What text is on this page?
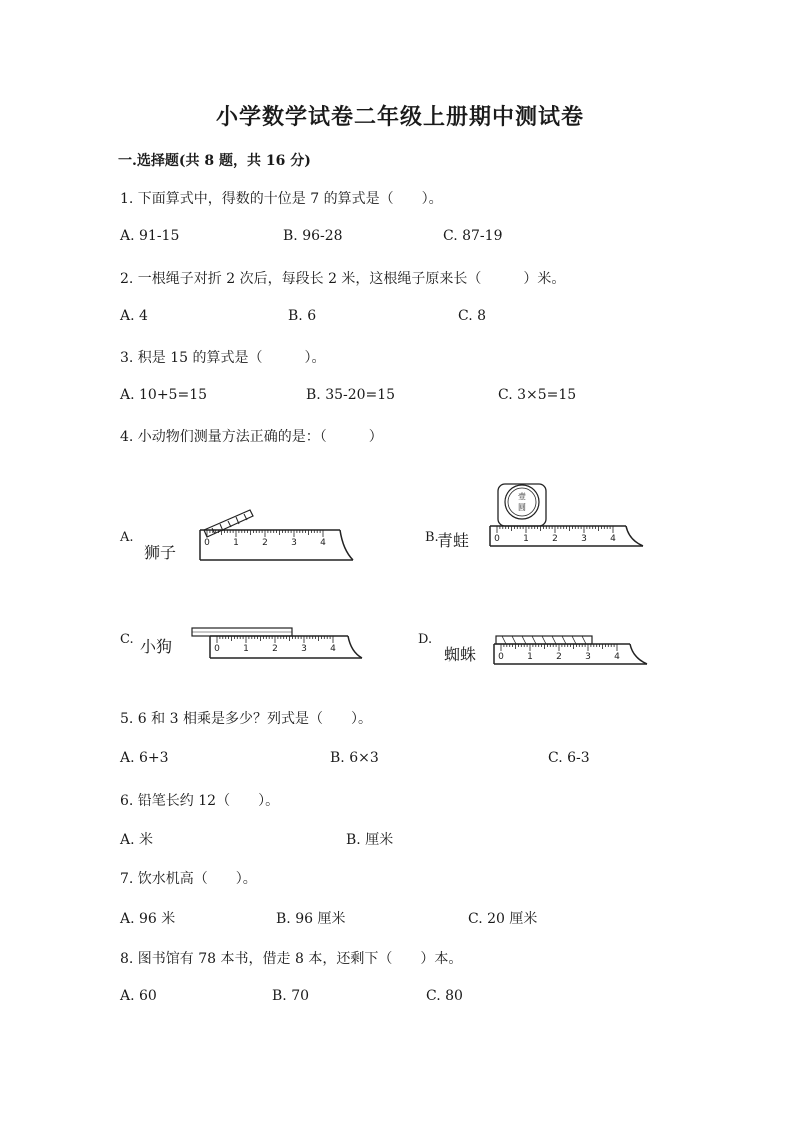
小学数学试卷二年级上册期中测试卷
一.选择题(共 8 题，共 16 分)
1. 下面算式中，得数的十位是 7 的算式是（　　）。
A. 91-15	B. 96-28	C. 87-19
2. 一根绳子对折 2 次后，每段长 2 米，这根绳子原来长（　　　）米。
A. 4	B. 6	C. 8
3. 积是 15 的算式是（　　　）。
A. 10+5=15	B. 35-20=15	C. 3×5=15
4. 小动物们测量方法正确的是：（　　　）
A.
狮子	0	1	2	3	4	B.
青蛙
壹
圆
0	1	2	3	4
C. 小狗	0	1	2	3	4
D.
蜘蛛 0	1	2	3	4
5. 6 和 3 相乘是多少？列式是（　　）。
A. 6+3	B. 6×3	C. 6-3
6. 铅笔长约 12（　　）。
A. 米	B. 厘米
7. 饮水机高（　　）。
A. 96 米	B. 96 厘米	C. 20 厘米
8. 图书馆有 78 本书，借走 8 本，还剩下（　　）本。
A. 60	B. 70	C. 80
